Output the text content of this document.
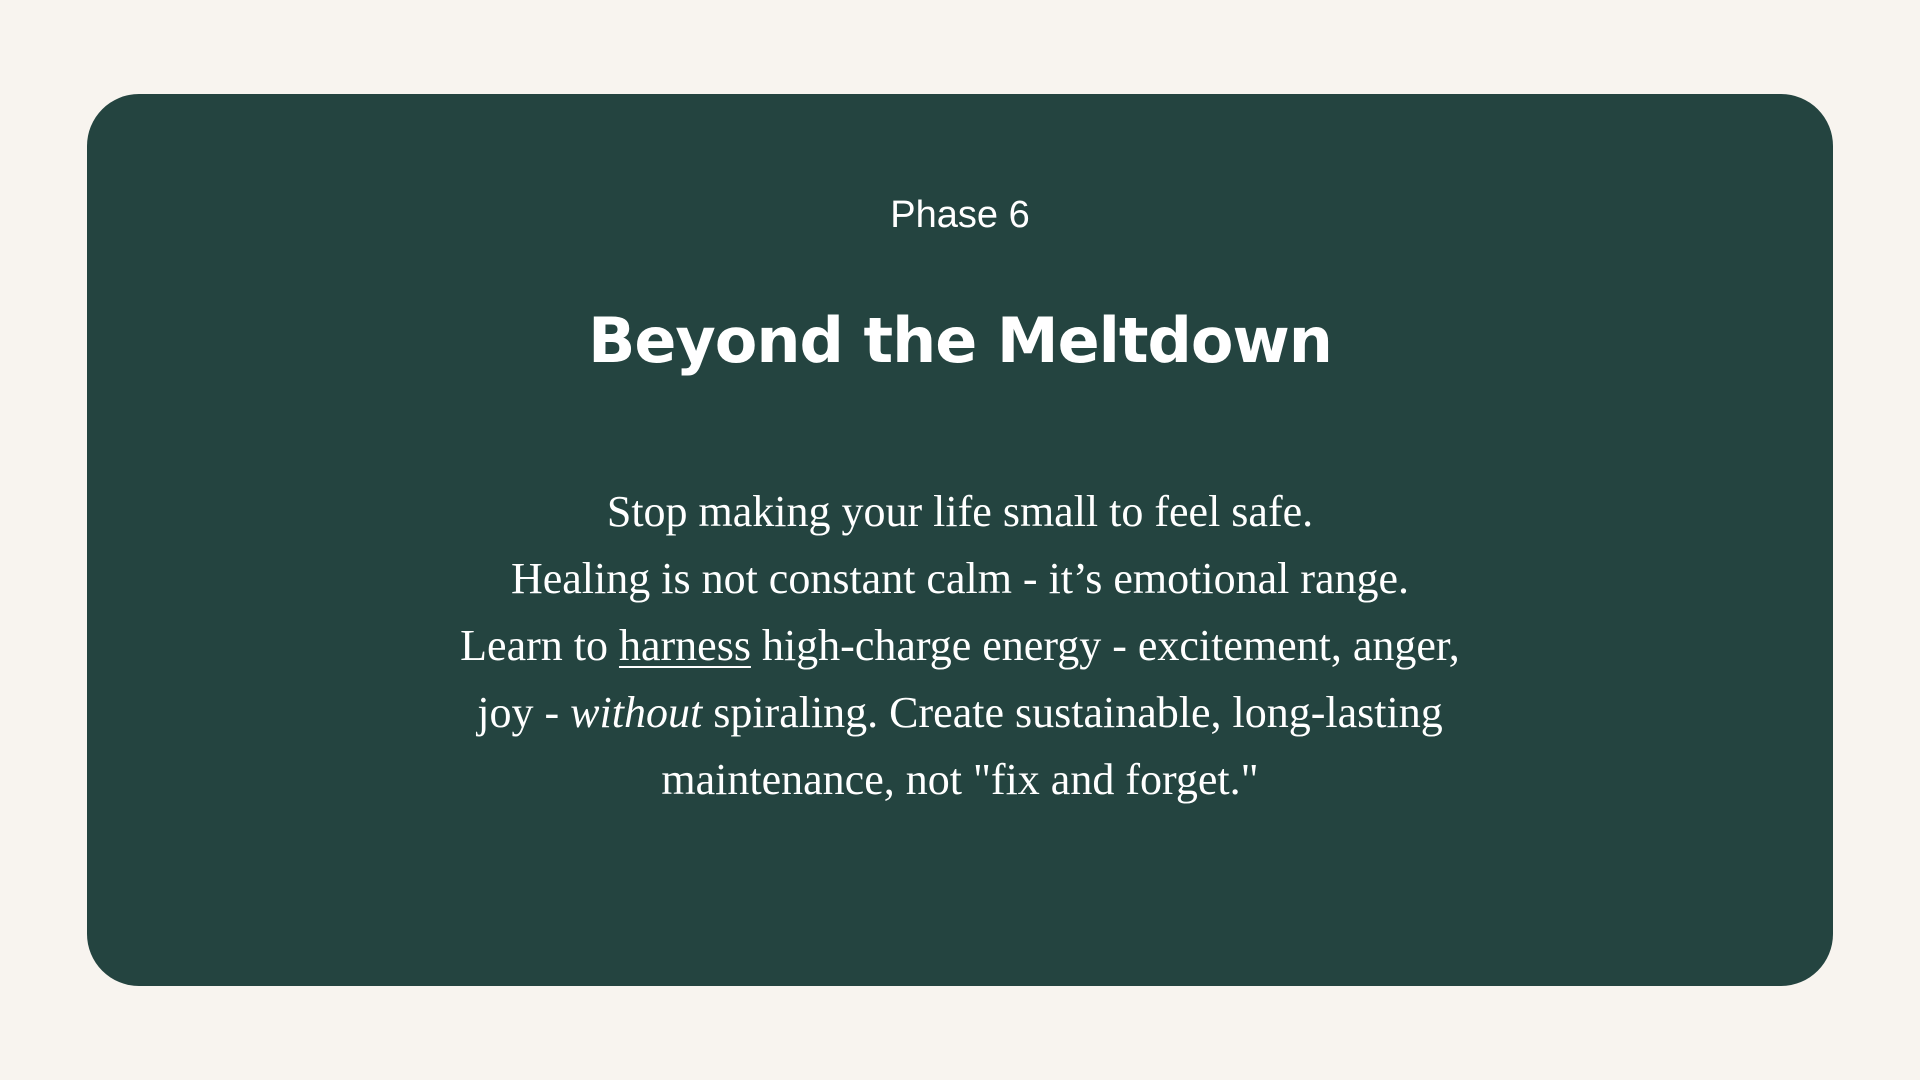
Phase 6
Beyond the Meltdown
Stop making your life small to feel safe.
Healing is not constant calm - it’s emotional range.
Learn to harness high-charge energy - excitement, anger,
joy - without spiraling. Create sustainable, long-lasting
maintenance, not "fix and forget."
